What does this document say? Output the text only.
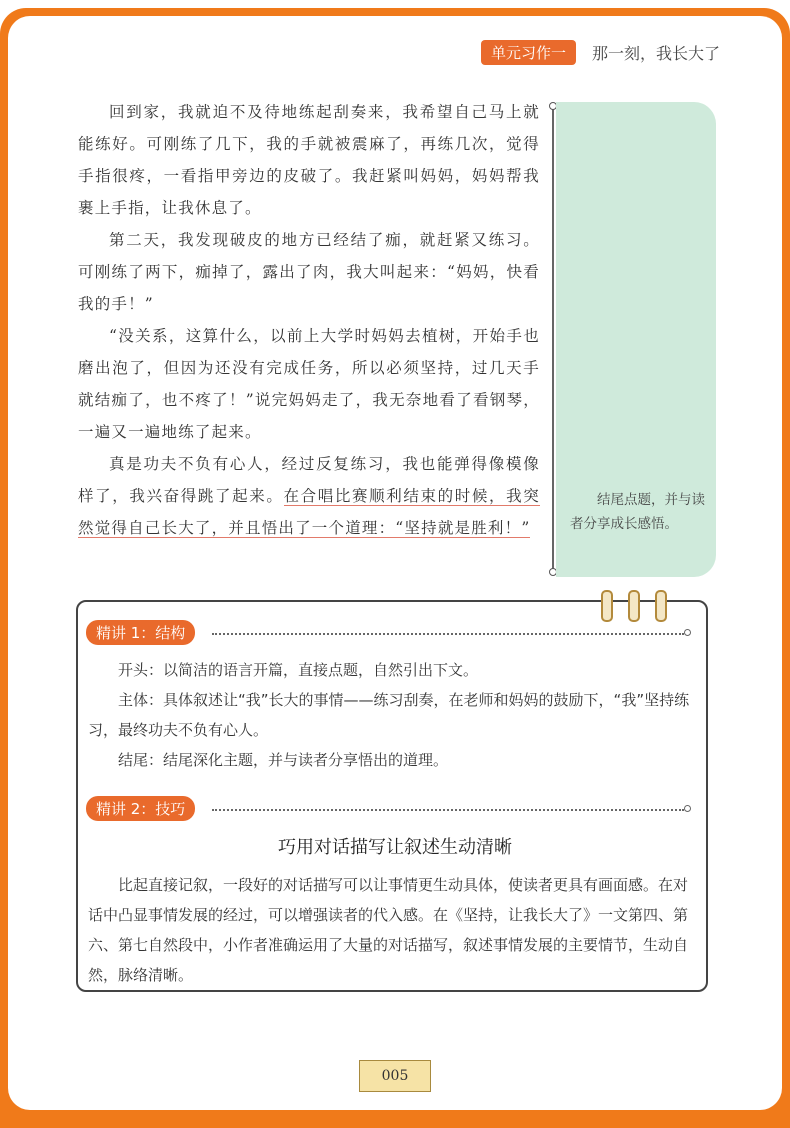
单元习作一	那一刻，我长大了

回到家，我就迫不及待地练起刮奏来，我希望自己马上就能练好。可刚练了几下，我的手就被震麻了，再练几次，觉得手指很疼，一看指甲旁边的皮破了。我赶紧叫妈妈，妈妈帮我裹上手指，让我休息了。

第二天，我发现破皮的地方已经结了痂，就赶紧又练习。可刚练了两下，痂掉了，露出了肉，我大叫起来：“妈妈，快看我的手！”

“没关系，这算什么，以前上大学时妈妈去植树，开始手也磨出泡了，但因为还没有完成任务，所以必须坚持，过几天手就结痂了，也不疼了！”说完妈妈走了，我无奈地看了看钢琴，一遍又一遍地练了起来。

真是功夫不负有心人，经过反复练习，我也能弹得像模像样了，我兴奋得跳了起来。在合唱比赛顺利结束的时候，我突然觉得自己长大了，并且悟出了一个道理：“坚持就是胜利！”

结尾点题，并与读者分享成长感悟。
精讲 1：结构
开头：以简洁的语言开篇，直接点题，自然引出下文。
主体：具体叙述让“我”长大的事情——练习刮奏，在老师和妈妈的鼓励下，“我”坚持练习，最终功夫不负有心人。
结尾：结尾深化主题，并与读者分享悟出的道理。
精讲 2：技巧
巧用对话描写让叙述生动清晰
比起直接记叙，一段好的对话描写可以让事情更生动具体，使读者更具有画面感。在对话中凸显事情发展的经过，可以增强读者的代入感。在《坚持，让我长大了》一文第四、第六、第七自然段中，小作者准确运用了大量的对话描写，叙述事情发展的主要情节，生动自然，脉络清晰。
005
